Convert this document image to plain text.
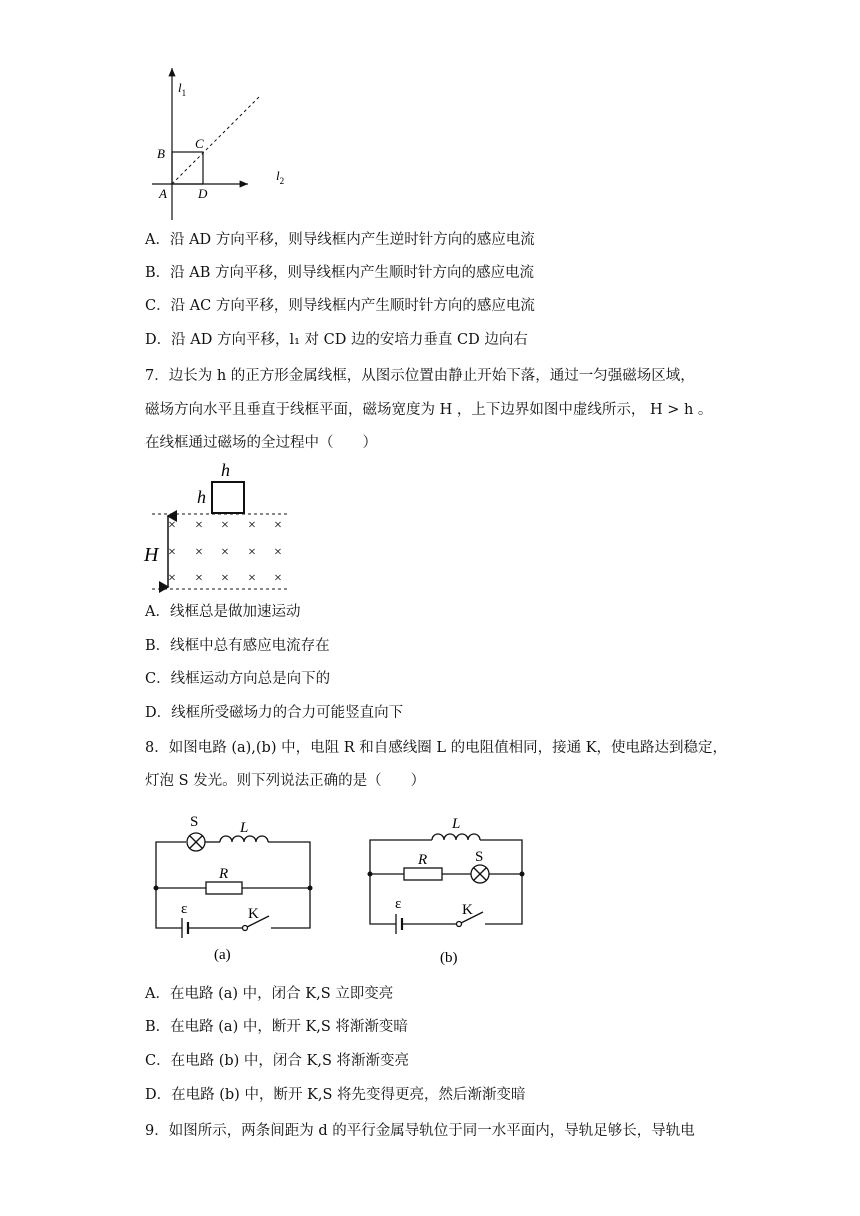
$l_1$
$l_2$
B
C
A D
A．沿 AD 方向平移，则导线框内产生逆时针方向的感应电流
B．沿 AB 方向平移，则导线框内产生顺时针方向的感应电流
C．沿 AC 方向平移，则导线框内产生顺时针方向的感应电流
D．沿 AD 方向平移，l₁ 对 CD 边的安培力垂直 CD 边向右
7．边长为 h 的正方形金属线框，从图示位置由静止开始下落，通过一匀强磁场区域，
磁场方向水平且垂直于线框平面，磁场宽度为 H ，上下边界如图中虚线所示， H > h 。
在线框通过磁场的全过程中（　　）
h
h
H
× × × × ×
× × × × ×
× × × × ×
A．线框总是做加速运动
B．线框中总有感应电流存在
C．线框运动方向总是向下的
D．线框所受磁场力的合力可能竖直向下
8．如图电路 (a),(b) 中，电阻 R 和自感线圈 L 的电阻值相同，接通 K，使电路达到稳定，
灯泡 S 发光。则下列说法正确的是（　　）
S	L
R
ε	K
(a)
L
R	S
ε	K
(b)
A．在电路 (a) 中，闭合 K,S 立即变亮
B．在电路 (a) 中，断开 K,S 将渐渐变暗
C．在电路 (b) 中，闭合 K,S 将渐渐变亮
D．在电路 (b) 中，断开 K,S 将先变得更亮，然后渐渐变暗
9．如图所示，两条间距为 d 的平行金属导轨位于同一水平面内，导轨足够长，导轨电
